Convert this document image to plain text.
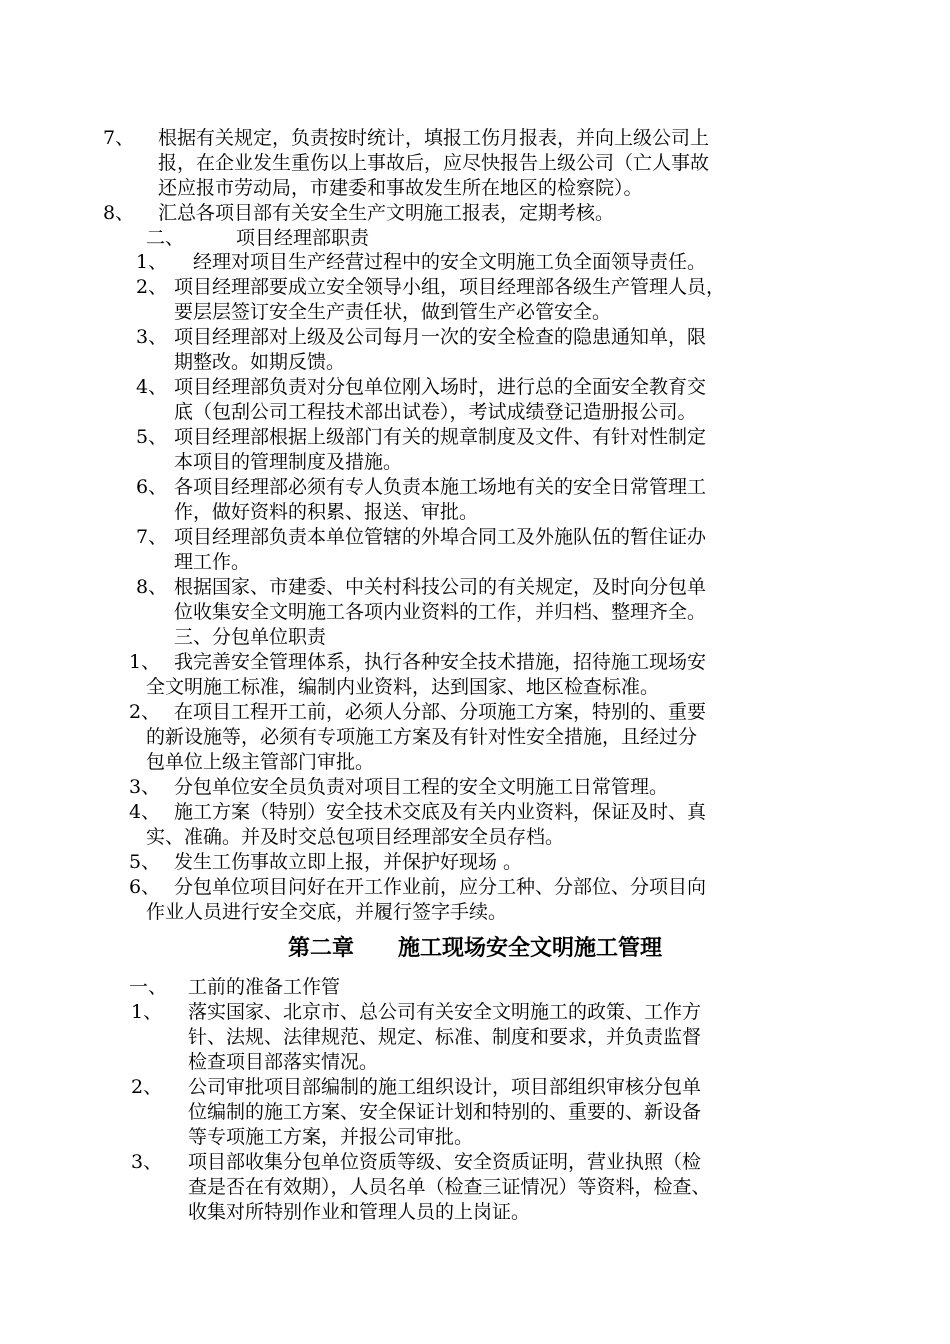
7、 根据有关规定，负责按时统计，填报工伤月报表，并向上级公司上
报，在企业发生重伤以上事故后，应尽快报告上级公司（亡人事故
还应报市劳动局，市建委和事故发生所在地区的检察院）。
8、 汇总各项目部有关安全生产文明施工报表，定期考核。
二、	项目经理部职责
1、 经理对项目生产经营过程中的安全文明施工负全面领导责任。
2、 项目经理部要成立安全领导小组，项目经理部各级生产管理人员，
要层层签订安全生产责任状，做到管生产必管安全。
3、 项目经理部对上级及公司每月一次的安全检查的隐患通知单，限
期整改。如期反馈。
4、 项目经理部负责对分包单位刚入场时，进行总的全面安全教育交
底（包刮公司工程技术部出试卷），考试成绩登记造册报公司。
5、 项目经理部根据上级部门有关的规章制度及文件、有针对性制定
本项目的管理制度及措施。
6、 各项目经理部必须有专人负责本施工场地有关的安全日常管理工
作，做好资料的积累、报送、审批。
7、 项目经理部负责本单位管辖的外埠合同工及外施队伍的暂住证办
理工作。
8、 根据国家、市建委、中关村科技公司的有关规定，及时向分包单
位收集安全文明施工各项内业资料的工作，并归档、整理齐全。
三、分包单位职责
1、 我完善安全管理体系，执行各种安全技术措施，招待施工现场安
全文明施工标准，编制内业资料，达到国家、地区检查标准。
2、 在项目工程开工前，必须人分部、分项施工方案，特别的、重要
的新设施等，必须有专项施工方案及有针对性安全措施，且经过分
包单位上级主管部门审批。
3、 分包单位安全员负责对项目工程的安全文明施工日常管理。
4、 施工方案（特别）安全技术交底及有关内业资料，保证及时、真
实、准确。并及时交总包项目经理部安全员存档。
5、 发生工伤事故立即上报，并保护好现场 。
6、 分包单位项目问好在开工作业前，应分工种、分部位、分项目向
作业人员进行安全交底，并履行签字手续。
第二章　　施工现场安全文明施工管理
一、 工前的准备工作管
1、 落实国家、北京市、总公司有关安全文明施工的政策、工作方
针、法规、法律规范、规定、标准、制度和要求，并负责监督
检查项目部落实情况。
2、 公司审批项目部编制的施工组织设计，项目部组织审核分包单
位编制的施工方案、安全保证计划和特别的、重要的、新设备
等专项施工方案，并报公司审批。
3、 项目部收集分包单位资质等级、安全资质证明，营业执照（检
查是否在有效期），人员名单（检查三证情况）等资料，检查、
收集对所特别作业和管理人员的上岗证。
